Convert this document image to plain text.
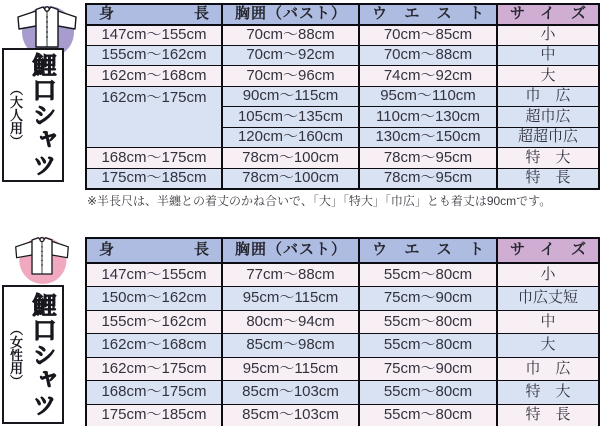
鯉口シャツ
（大人用）
身長	胸囲（バスト）	ウエスト	サイズ
147cm～155cm	70cm～88cm	70cm～85cm	小
155cm～162cm	70cm～92cm	70cm～88cm	中
162cm～168cm	70cm～96cm	74cm～92cm	大
162cm～175cm	90cm～115cm	95cm～110cm	巾　広
	105cm～135cm	110cm～130cm	超巾広
	120cm～160cm	130cm～150cm	超超巾広
168cm～175cm	78cm～100cm	78cm～95cm	特　大
175cm～185cm	78cm～100cm	78cm～95cm	特　長
※半長尺は、半纏との着丈のかね合いで、「大」「特大」「巾広」とも着丈は90cmです。
鯉口シャツ
（女性用）
身長	胸囲（バスト）	ウエスト	サイズ
147cm～155cm	77cm～88cm	55cm～80cm	小
150cm～162cm	95cm～115cm	75cm～90cm	巾広丈短
155cm～162cm	80cm～94cm	55cm～80cm	中
162cm～168cm	85cm～98cm	55cm～80cm	大
162cm～175cm	95cm～115cm	75cm～90cm	巾　広
168cm～175cm	85cm～103cm	55cm～80cm	特　大
175cm～185cm	85cm～103cm	55cm～80cm	特　長
